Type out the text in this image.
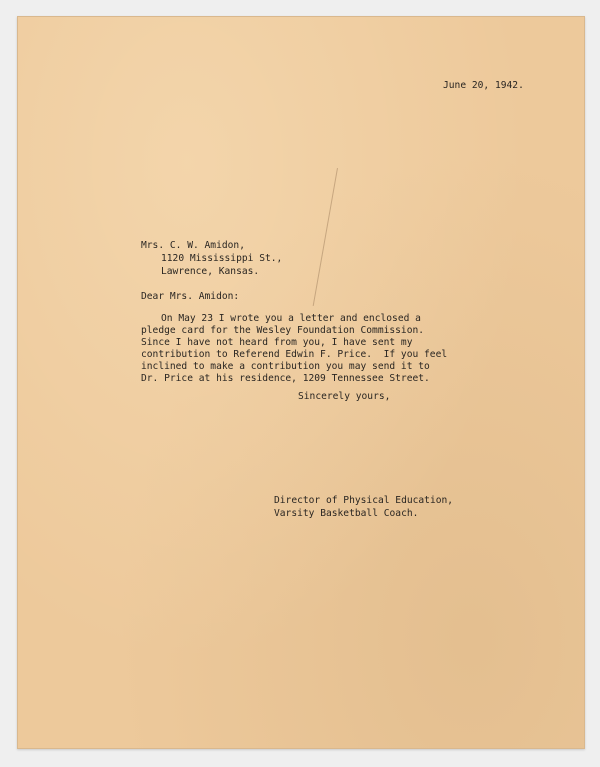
June 20, 1942.
Mrs. C. W. Amidon,
1120 Mississippi St.,
Lawrence, Kansas.
Dear Mrs. Amidon:
On May 23 I wrote you a letter and enclosed a
pledge card for the Wesley Foundation Commission.
Since I have not heard from you, I have sent my
contribution to Referend Edwin F. Price.  If you feel
inclined to make a contribution you may send it to
Dr. Price at his residence, 1209 Tennessee Street.
Sincerely yours,
Director of Physical Education,
Varsity Basketball Coach.
